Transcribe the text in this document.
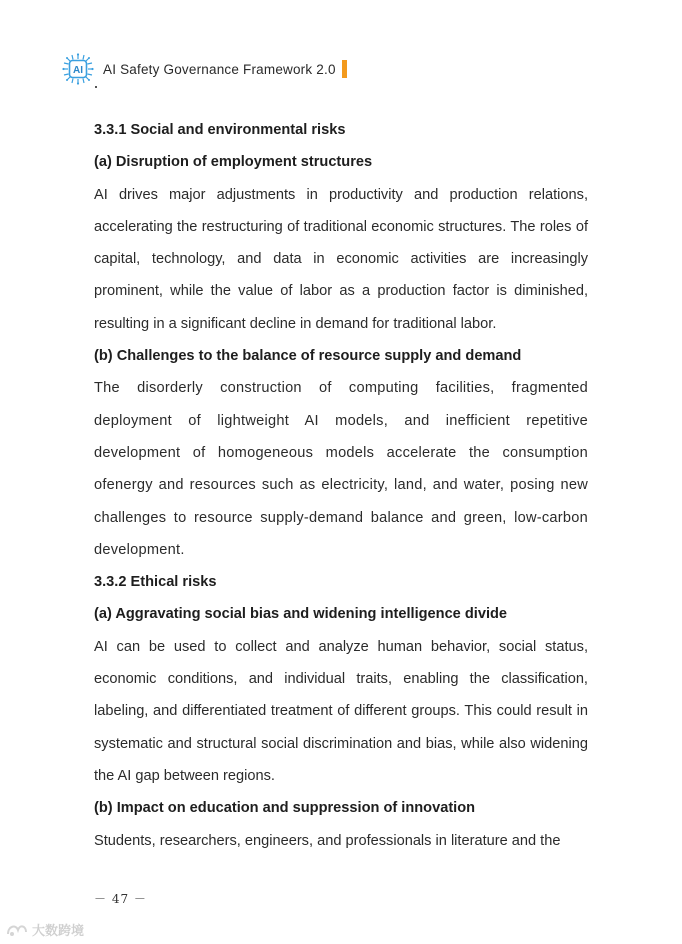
AI AI Safety Governance Framework 2.0
3.3.1 Social and environmental risks
(a) Disruption of employment structures

AI drives major adjustments in productivity and production relations, accelerating the restructuring of traditional economic structures. The roles of capital, technology, and data in economic activities are increasingly prominent, while the value of labor as a production factor is diminished, resulting in a significant decline in demand for traditional labor.

(b) Challenges to the balance of resource supply and demand

The disorderly construction of computing facilities, fragmented deployment of lightweight AI models, and inefficient repetitive development of homogeneous models accelerate the consumption ofenergy and resources such as electricity, land, and water, posing new challenges to resource supply-demand balance and green, low-carbon development.

3.3.2 Ethical risks
(a) Aggravating social bias and widening intelligence divide

AI can be used to collect and analyze human behavior, social status, economic conditions, and individual traits, enabling the classification, labeling, and differentiated treatment of different groups. This could result in systematic and structural social discrimination and bias, while also widening the AI gap between regions.

(b) Impact on education and suppression of innovation

Students, researchers, engineers, and professionals in literature and the

－ 47 －
大数跨境
